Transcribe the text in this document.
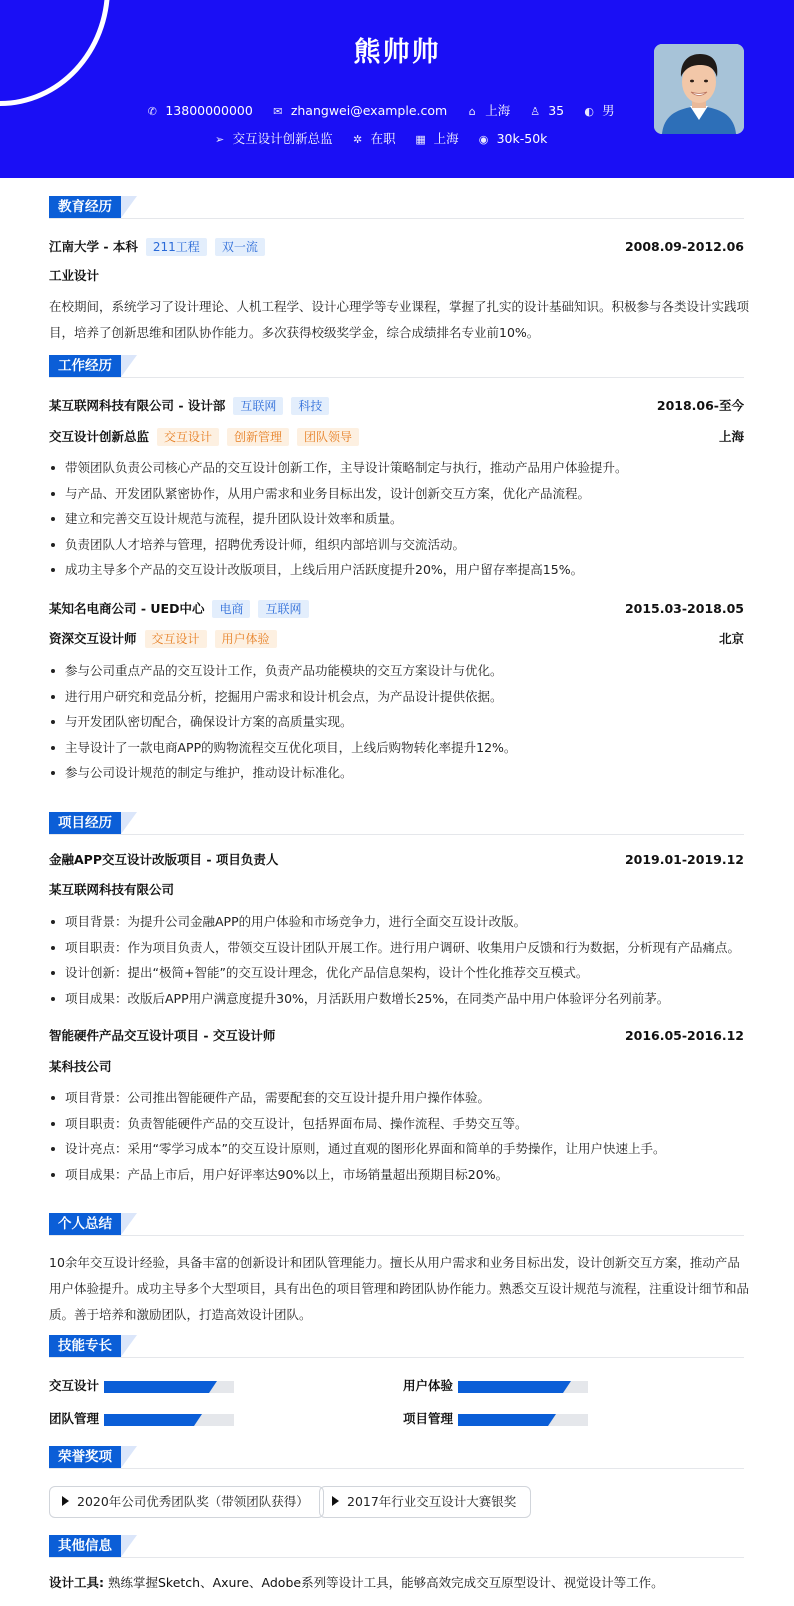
熊帅帅
✆ 13800000000 ✉ zhangwei@example.com ⌂ 上海 ♙ 35 ◐ 男
➢ 交互设计创新总监 ✲ 在职 ▦ 上海 ◉ 30k-50k
教育经历
江南大学 - 本科 211工程 双一流	2008.09-2012.06
工业设计
在校期间，系统学习了设计理论、人机工程学、设计心理学等专业课程，掌握了扎实的设计基础知识。积极参与各类设计实践项目，培养了创新思维和团队协作能力。多次获得校级奖学金，综合成绩排名专业前10%。
工作经历
某互联网科技有限公司 - 设计部 互联网 科技	2018.06-至今
交互设计创新总监 交互设计 创新管理 团队领导	上海
带领团队负责公司核心产品的交互设计创新工作，主导设计策略制定与执行，推动产品用户体验提升。
与产品、开发团队紧密协作，从用户需求和业务目标出发，设计创新交互方案，优化产品流程。
建立和完善交互设计规范与流程，提升团队设计效率和质量。
负责团队人才培养与管理，招聘优秀设计师，组织内部培训与交流活动。
成功主导多个产品的交互设计改版项目，上线后用户活跃度提升20%，用户留存率提高15%。
某知名电商公司 - UED中心 电商 互联网	2015.03-2018.05
资深交互设计师 交互设计 用户体验	北京
参与公司重点产品的交互设计工作，负责产品功能模块的交互方案设计与优化。
进行用户研究和竞品分析，挖掘用户需求和设计机会点，为产品设计提供依据。
与开发团队密切配合，确保设计方案的高质量实现。
主导设计了一款电商APP的购物流程交互优化项目，上线后购物转化率提升12%。
参与公司设计规范的制定与维护，推动设计标准化。
项目经历
金融APP交互设计改版项目 - 项目负责人	2019.01-2019.12
某互联网科技有限公司
项目背景：为提升公司金融APP的用户体验和市场竞争力，进行全面交互设计改版。
项目职责：作为项目负责人，带领交互设计团队开展工作。进行用户调研、收集用户反馈和行为数据，分析现有产品痛点。
设计创新：提出“极简+智能”的交互设计理念，优化产品信息架构，设计个性化推荐交互模式。
项目成果：改版后APP用户满意度提升30%，月活跃用户数增长25%，在同类产品中用户体验评分名列前茅。
智能硬件产品交互设计项目 - 交互设计师	2016.05-2016.12
某科技公司
项目背景：公司推出智能硬件产品，需要配套的交互设计提升用户操作体验。
项目职责：负责智能硬件产品的交互设计，包括界面布局、操作流程、手势交互等。
设计亮点：采用“零学习成本”的交互设计原则，通过直观的图形化界面和简单的手势操作，让用户快速上手。
项目成果：产品上市后，用户好评率达90%以上，市场销量超出预期目标20%。
个人总结
10余年交互设计经验，具备丰富的创新设计和团队管理能力。擅长从用户需求和业务目标出发，设计创新交互方案，推动产品用户体验提升。成功主导多个大型项目，具有出色的项目管理和跨团队协作能力。熟悉交互设计规范与流程，注重设计细节和品质。善于培养和激励团队，打造高效设计团队。
技能专长
交互设计	用户体验
团队管理	项目管理
荣誉奖项
2020年公司优秀团队奖（带领团队获得）	2017年行业交互设计大赛银奖
其他信息
设计工具: 熟练掌握Sketch、Axure、Adobe系列等设计工具，能够高效完成交互原型设计、视觉设计等工作。
